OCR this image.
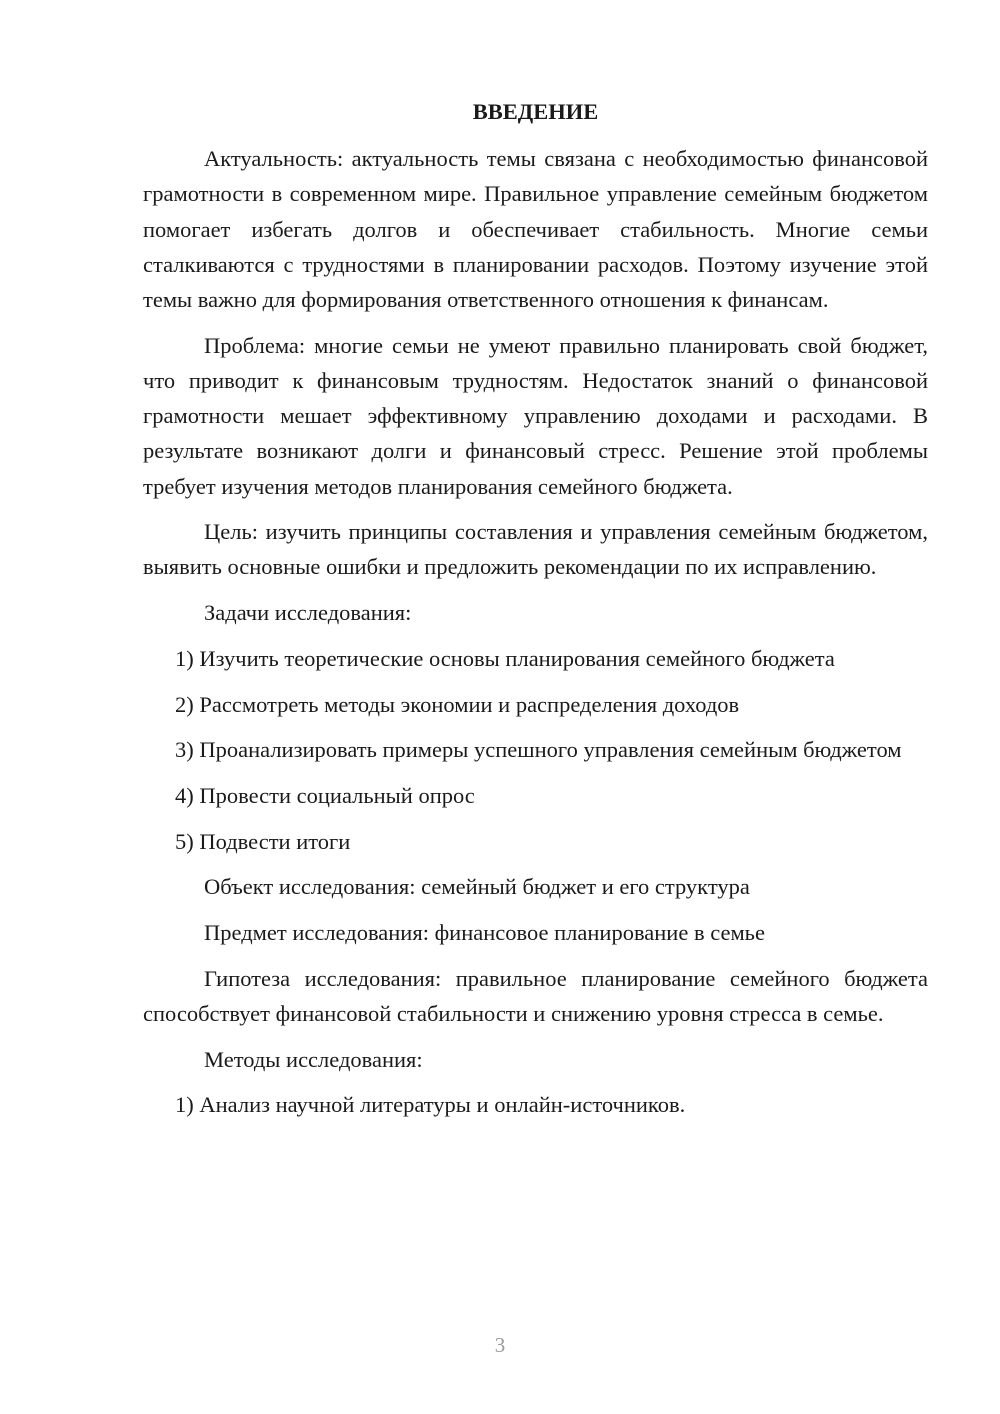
ВВЕДЕНИЕ

Актуальность: актуальность темы связана с необходимостью финансовой грамотности в современном мире. Правильное управление семейным бюджетом помогает избегать долгов и обеспечивает стабильность. Многие семьи сталкиваются с трудностями в планировании расходов. Поэтому изучение этой темы важно для формирования ответственного отношения к финансам.

Проблема: многие семьи не умеют правильно планировать свой бюджет, что приводит к финансовым трудностям. Недостаток знаний о финансовой грамотности мешает эффективному управлению доходами и расходами. В результате возникают долги и финансовый стресс. Решение этой проблемы требует изучения методов планирования семейного бюджета.

Цель: изучить принципы составления и управления семейным бюджетом, выявить основные ошибки и предложить рекомендации по их исправлению.

Задачи исследования:

1) Изучить теоретические основы планирования семейного бюджета

2) Рассмотреть методы экономии и распределения доходов

3) Проанализировать примеры успешного управления семейным бюджетом

4) Провести социальный опрос

5) Подвести итоги

Объект исследования: семейный бюджет и его структура

Предмет исследования: финансовое планирование в семье

Гипотеза исследования: правильное планирование семейного бюджета способствует финансовой стабильности и снижению уровня стресса в семье.

Методы исследования:

1) Анализ научной литературы и онлайн-источников.

3
